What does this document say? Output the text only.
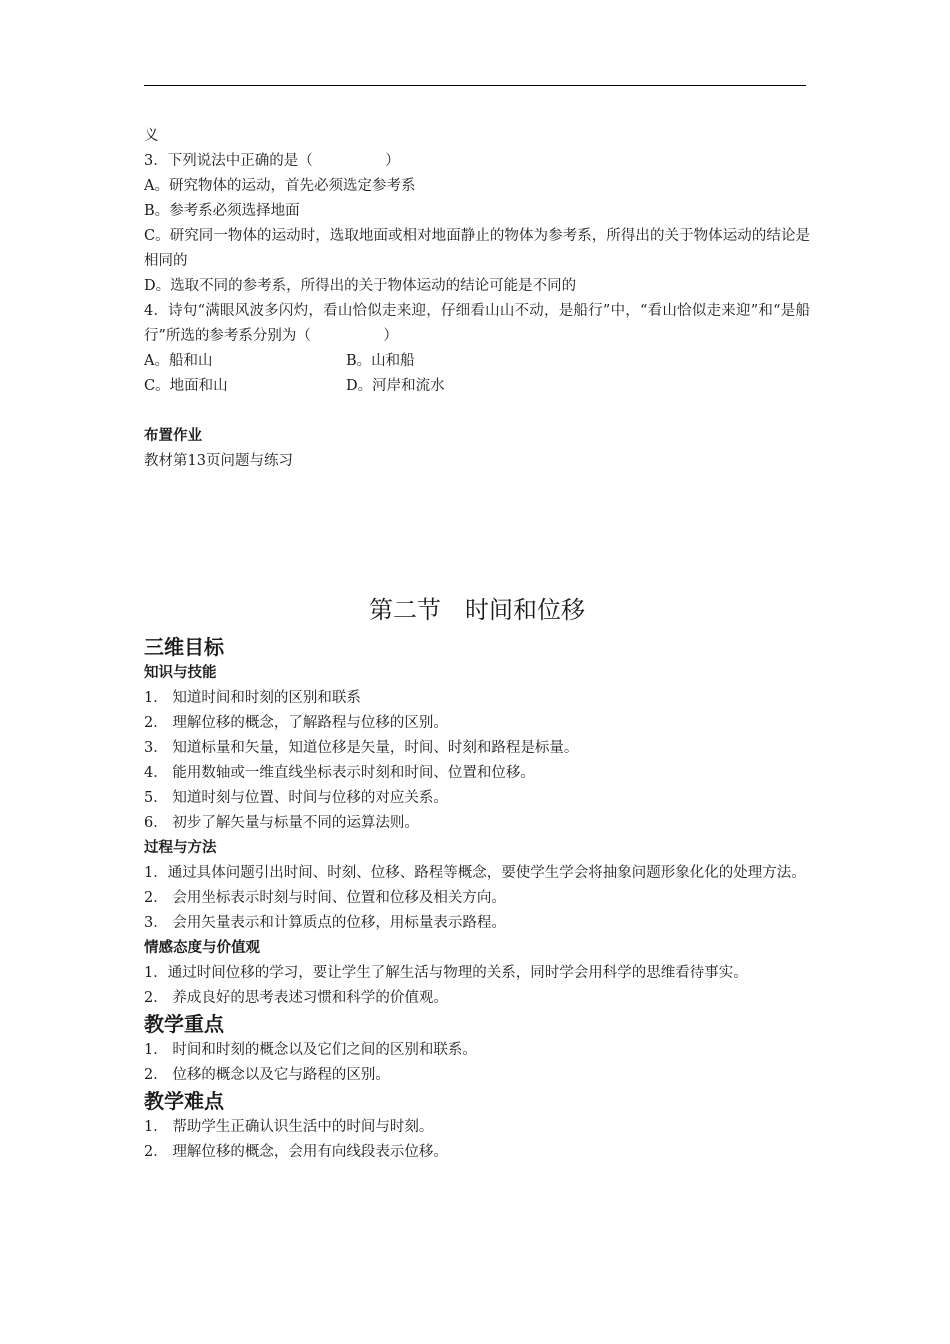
义
3．下列说法中正确的是（　　　　　）
A。研究物体的运动，首先必须选定参考系
B。参考系必须选择地面
C。研究同一物体的运动时，选取地面或相对地面静止的物体为参考系，所得出的关于物体运动的结论是相同的
D。选取不同的参考系，所得出的关于物体运动的结论可能是不同的
4．诗句“满眼风波多闪灼，看山恰似走来迎，仔细看山山不动，是船行”中，“看山恰似走来迎”和“是船行”所选的参考系分别为（　　　　　）
A。船和山	B。山和船
C。地面和山	D。河岸和流水
布置作业
教材第13页问题与练习
第二节　时间和位移
三维目标
知识与技能
1． 知道时间和时刻的区别和联系
2． 理解位移的概念，了解路程与位移的区别。
3． 知道标量和矢量，知道位移是矢量，时间、时刻和路程是标量。
4． 能用数轴或一维直线坐标表示时刻和时间、位置和位移。
5． 知道时刻与位置、时间与位移的对应关系。
6． 初步了解矢量与标量不同的运算法则。
过程与方法
1．通过具体问题引出时间、时刻、位移、路程等概念，要使学生学会将抽象问题形象化化的处理方法。
2． 会用坐标表示时刻与时间、位置和位移及相关方向。
3． 会用矢量表示和计算质点的位移，用标量表示路程。
情感态度与价值观
1．通过时间位移的学习，要让学生了解生活与物理的关系，同时学会用科学的思维看待事实。
2． 养成良好的思考表述习惯和科学的价值观。
教学重点
1． 时间和时刻的概念以及它们之间的区别和联系。
2． 位移的概念以及它与路程的区别。
教学难点
1． 帮助学生正确认识生活中的时间与时刻。
2． 理解位移的概念，会用有向线段表示位移。
